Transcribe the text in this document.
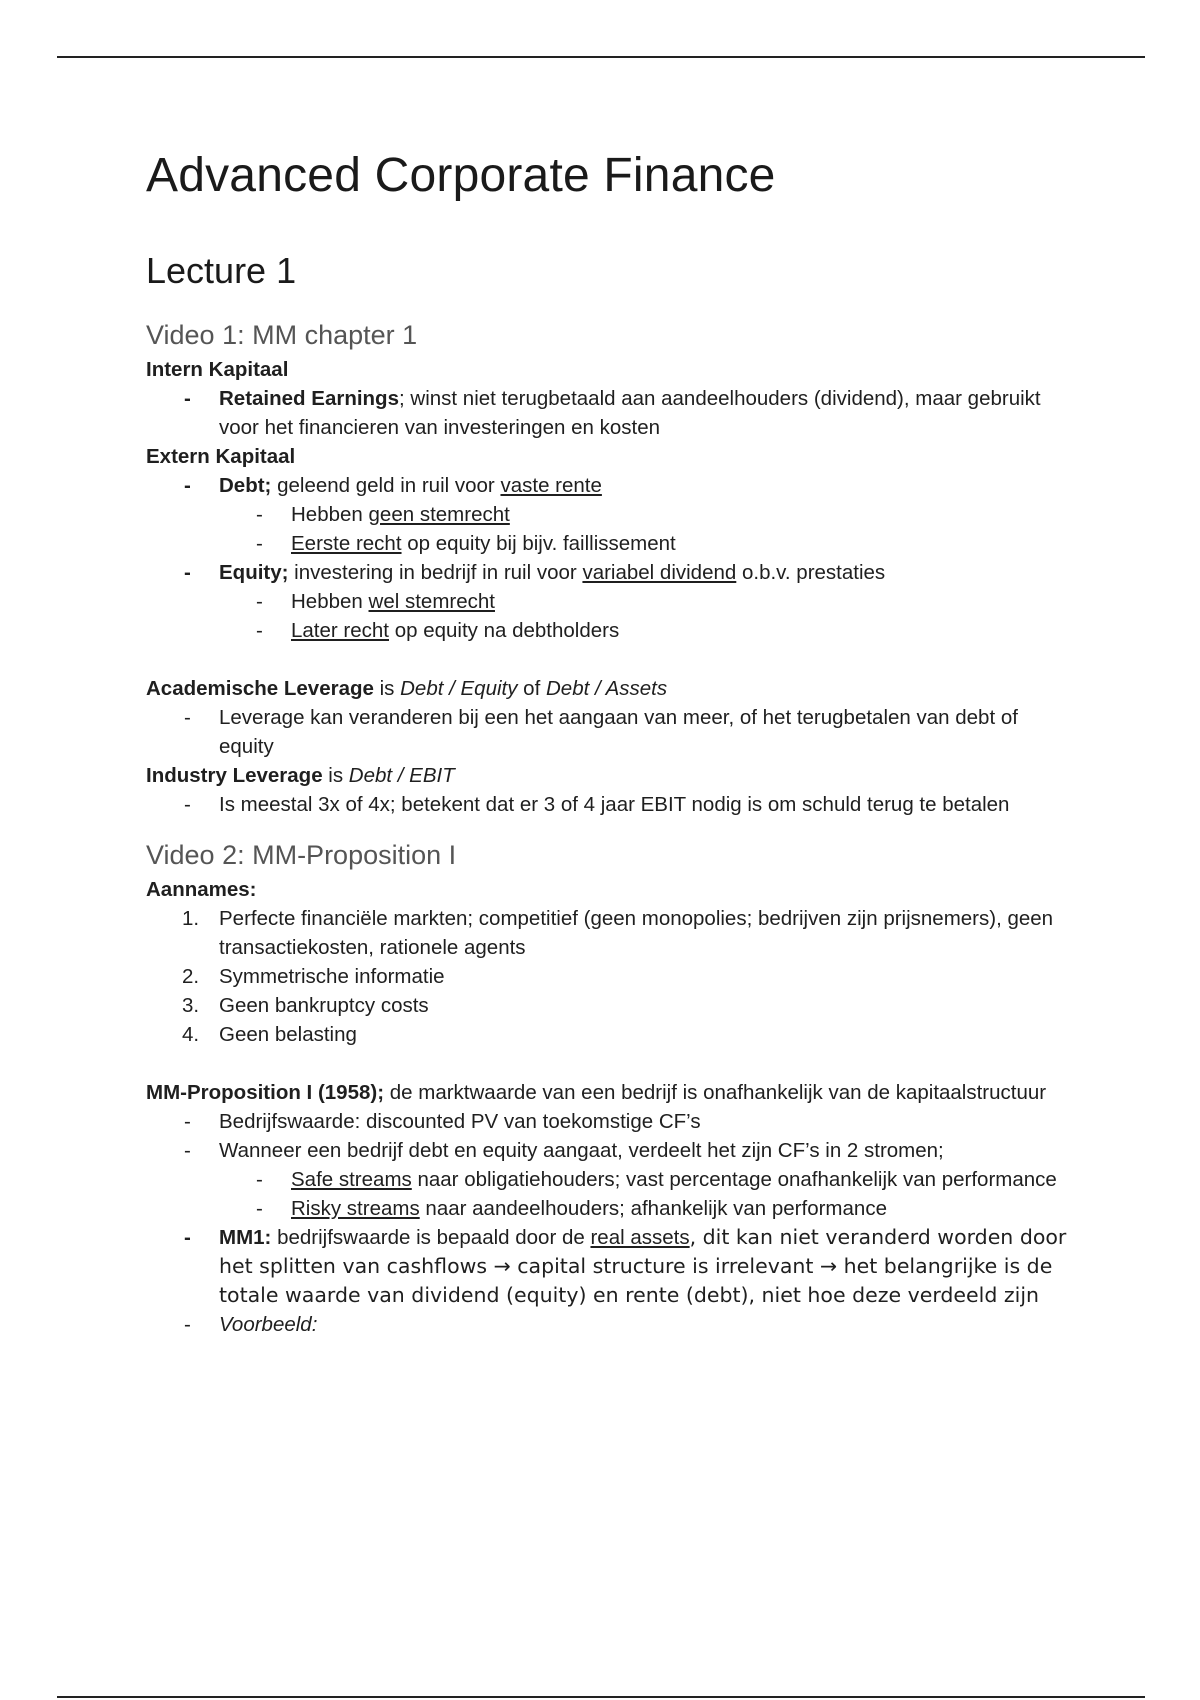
Advanced Corporate Finance
Lecture 1
Video 1: MM chapter 1

Intern Kapitaal

- Retained Earnings; winst niet terugbetaald aan aandeelhouders (dividend), maar gebruikt voor het financieren van investeringen en kosten

Extern Kapitaal

- Debt; geleend geld in ruil voor vaste rente
- Hebben geen stemrecht
- Eerste recht op equity bij bijv. faillissement
- Equity; investering in bedrijf in ruil voor variabel dividend o.b.v. prestaties
- Hebben wel stemrecht
- Later recht op equity na debtholders

Academische Leverage is Debt / Equity of Debt / Assets

- Leverage kan veranderen bij een het aangaan van meer, of het terugbetalen van debt of equity

Industry Leverage is Debt / EBIT

- Is meestal 3x of 4x; betekent dat er 3 of 4 jaar EBIT nodig is om schuld terug te betalen
Video 2: MM-Proposition I

Aannames:

1. Perfecte financiële markten; competitief (geen monopolies; bedrijven zijn prijsnemers), geen transactiekosten, rationele agents
2. Symmetrische informatie
3. Geen bankruptcy costs
4. Geen belasting

MM-Proposition I (1958); de marktwaarde van een bedrijf is onafhankelijk van de kapitaalstructuur

- Bedrijfswaarde: discounted PV van toekomstige CF’s
- Wanneer een bedrijf debt en equity aangaat, verdeelt het zijn CF’s in 2 stromen;
- Safe streams naar obligatiehouders; vast percentage onafhankelijk van performance
- Risky streams naar aandeelhouders; afhankelijk van performance
- MM1: bedrijfswaarde is bepaald door de real assets, dit kan niet veranderd worden door het splitten van cashflows → capital structure is irrelevant → het belangrijke is de totale waarde van dividend (equity) en rente (debt), niet hoe deze verdeeld zijn
- Voorbeeld:
